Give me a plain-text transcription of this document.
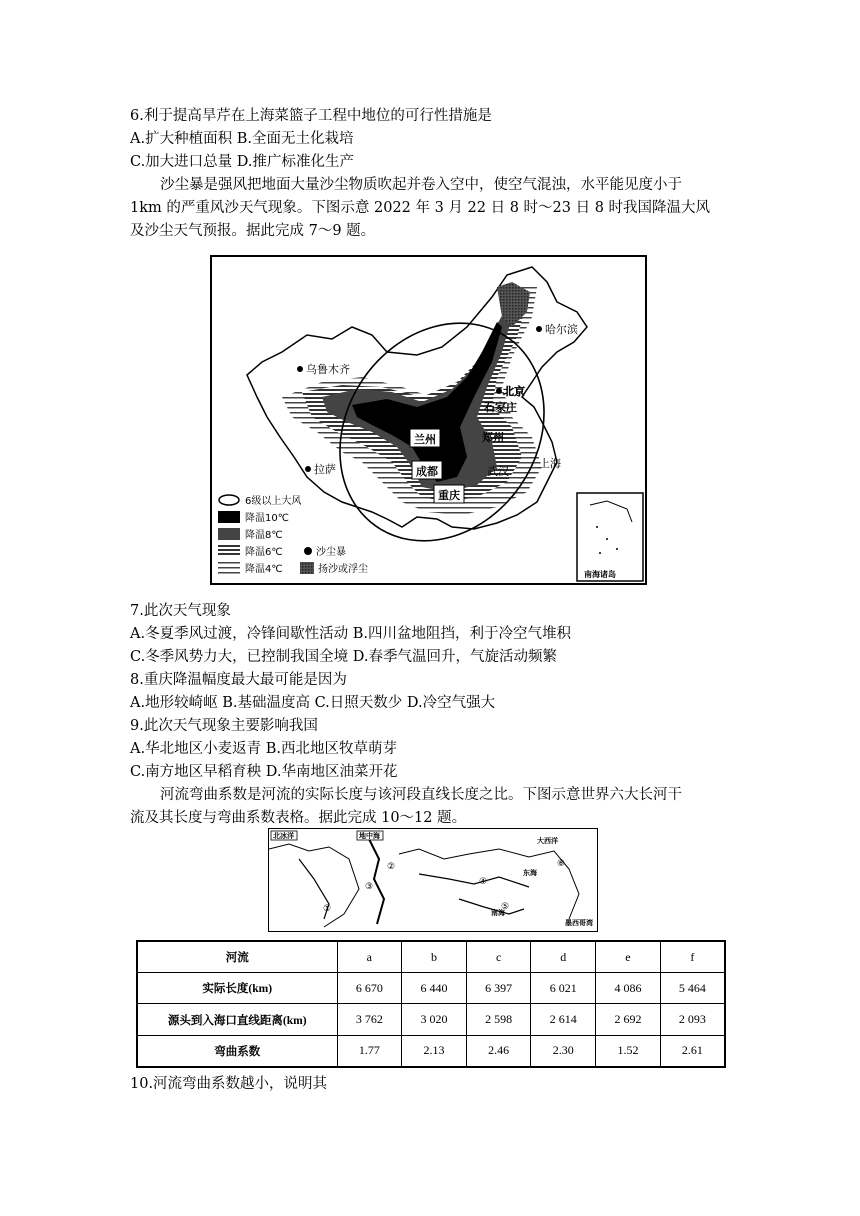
6.利于提高旱芹在上海菜篮子工程中地位的可行性措施是
A.扩大种植面积 B.全面无土化栽培
C.加大进口总量 D.推广标准化生产
沙尘暴是强风把地面大量沙尘物质吹起并卷入空中，使空气混浊，水平能见度小于
1km 的严重风沙天气现象。下图示意 2022 年 3 月 22 日 8 时～23 日 8 时我国降温大风
及沙尘天气预报。据此完成 7～9 题。
南海诸岛
乌鲁木齐
哈尔滨
北京
石家庄
兰州	郑州
成都
拉萨	武汉
上海
重庆
6级以上大风
降温10℃
降温8℃
降温6℃	沙尘暴
降温4℃	扬沙或浮尘
7.此次天气现象
A.冬夏季风过渡，冷锋间歇性活动 B.四川盆地阻挡，利于冷空气堆积
C.冬季风势力大，已控制我国全境 D.春季气温回升，气旋活动频繁
8.重庆降温幅度最大最可能是因为
A.地形较崎岖 B.基础温度高 C.日照天数少 D.冷空气强大
9.此次天气现象主要影响我国
A.华北地区小麦返青 B.西北地区牧草萌芽
C.南方地区早稻育秧 D.华南地区油菜开花
河流弯曲系数是河流的实际长度与该河段直线长度之比。下图示意世界六大长河干
流及其长度与弯曲系数表格。据此完成 10～12 题。
北冰洋	地中海
大西洋
东海
南海
墨西哥湾
①
②
③	④
⑤
⑥
河流	a	b	c	d	e	f
实际长度(km)	6 670	6 440	6 397	6 021	4 086	5 464
源头到入海口直线距离(km)	3 762	3 020	2 598	2 614	2 692	2 093
弯曲系数	1.77	2.13	2.46	2.30	1.52	2.61
10.河流弯曲系数越小，说明其
